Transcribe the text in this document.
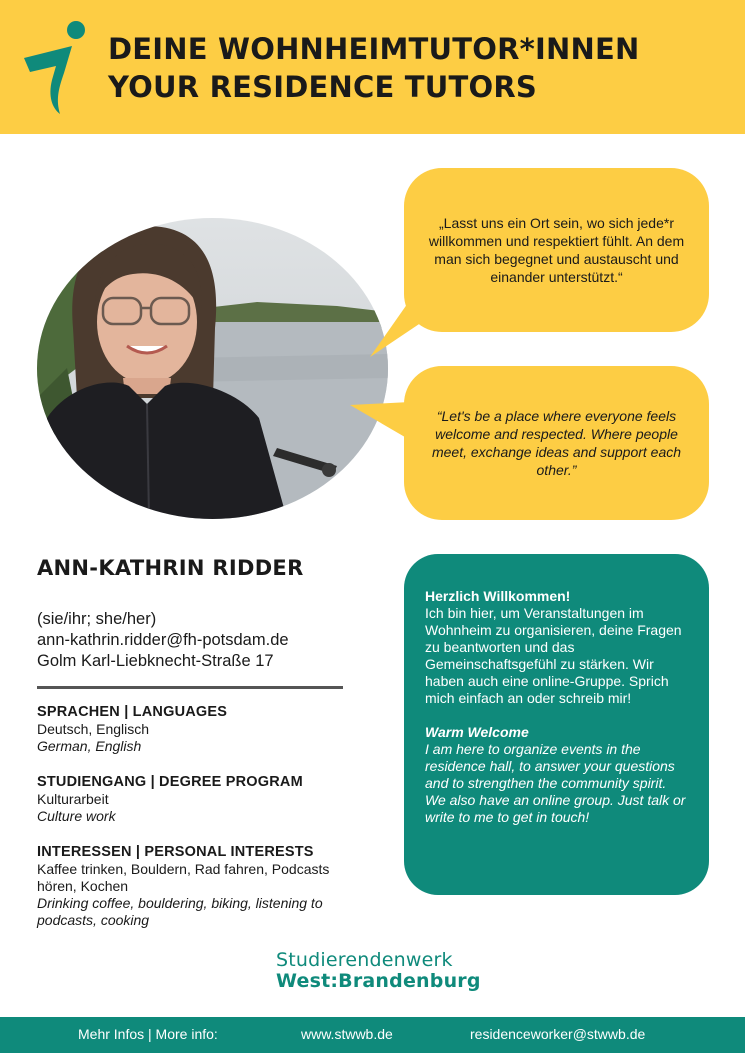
DEINE WOHNHEIMTUTOR*INNEN
YOUR RESIDENCE TUTORS
„Lasst uns ein Ort sein, wo sich jede*r willkommen und respektiert fühlt. An dem man sich begegnet und austauscht und einander unterstützt.“
“Let's be a place where everyone feels welcome and respected. Where people meet, exchange ideas and support each other.”
ANN-KATHRIN RIDDER
(sie/ihr; she/her)
ann-kathrin.ridder@fh-potsdam.de
Golm Karl-Liebknecht-Straße 17
SPRACHEN | LANGUAGES
Deutsch, Englisch
German, English
STUDIENGANG | DEGREE PROGRAM
Kulturarbeit
Culture work
INTERESSEN | PERSONAL INTERESTS
Kaffee trinken, Bouldern, Rad fahren, Podcasts hören, Kochen
Drinking coffee, bouldering, biking, listening to podcasts, cooking
Herzlich Willkommen!
Ich bin hier, um Veranstaltungen im Wohnheim zu organisieren, deine Fragen zu beantworten und das Gemeinschaftsgefühl zu stärken. Wir haben auch eine online-Gruppe. Sprich mich einfach an oder schreib mir!
Warm Welcome
I am here to organize events in the residence hall, to answer your questions and to strengthen the community spirit. We also have an online group. Just talk or write to me to get in touch!
Studierendenwerk
West:Brandenburg
Mehr Infos | More info:	www.stwwb.de	residenceworker@stwwb.de
